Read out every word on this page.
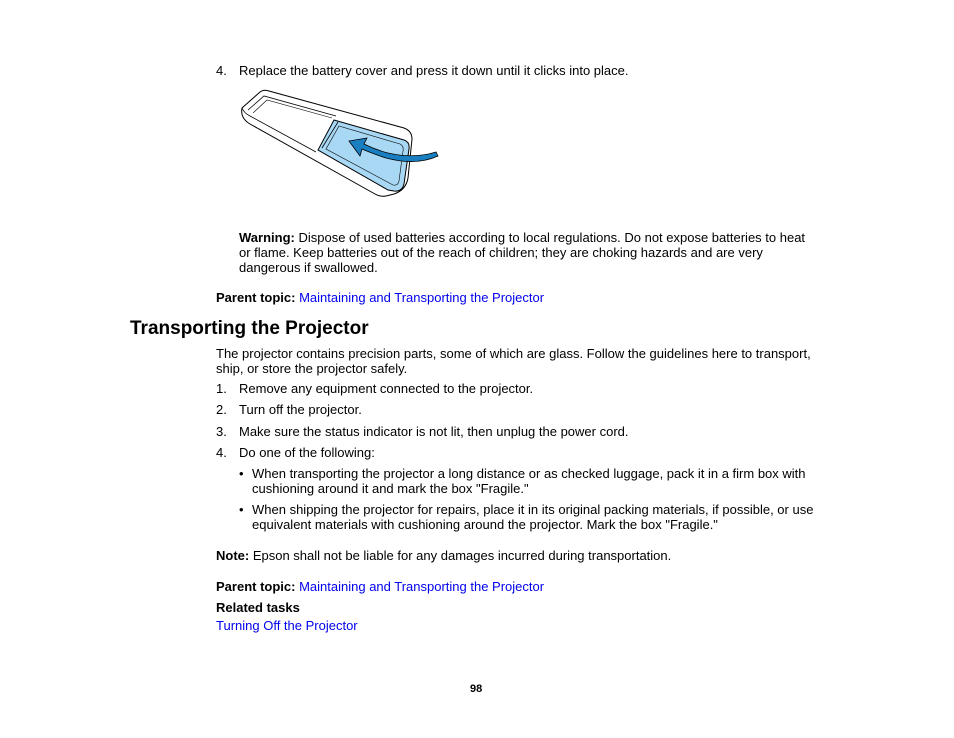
4. Replace the battery cover and press it down until it clicks into place.
Warning: Dispose of used batteries according to local regulations. Do not expose batteries to heat
or flame. Keep batteries out of the reach of children; they are choking hazards and are very
dangerous if swallowed.
Parent topic: Maintaining and Transporting the Projector
Transporting the Projector
The projector contains precision parts, some of which are glass. Follow the guidelines here to transport,
ship, or store the projector safely.
1. Remove any equipment connected to the projector.
2. Turn off the projector.
3. Make sure the status indicator is not lit, then unplug the power cord.
4. Do one of the following:
• When transporting the projector a long distance or as checked luggage, pack it in a firm box with
cushioning around it and mark the box "Fragile."
• When shipping the projector for repairs, place it in its original packing materials, if possible, or use
equivalent materials with cushioning around the projector. Mark the box "Fragile."
Note: Epson shall not be liable for any damages incurred during transportation.
Parent topic: Maintaining and Transporting the Projector
Related tasks
Turning Off the Projector
98
